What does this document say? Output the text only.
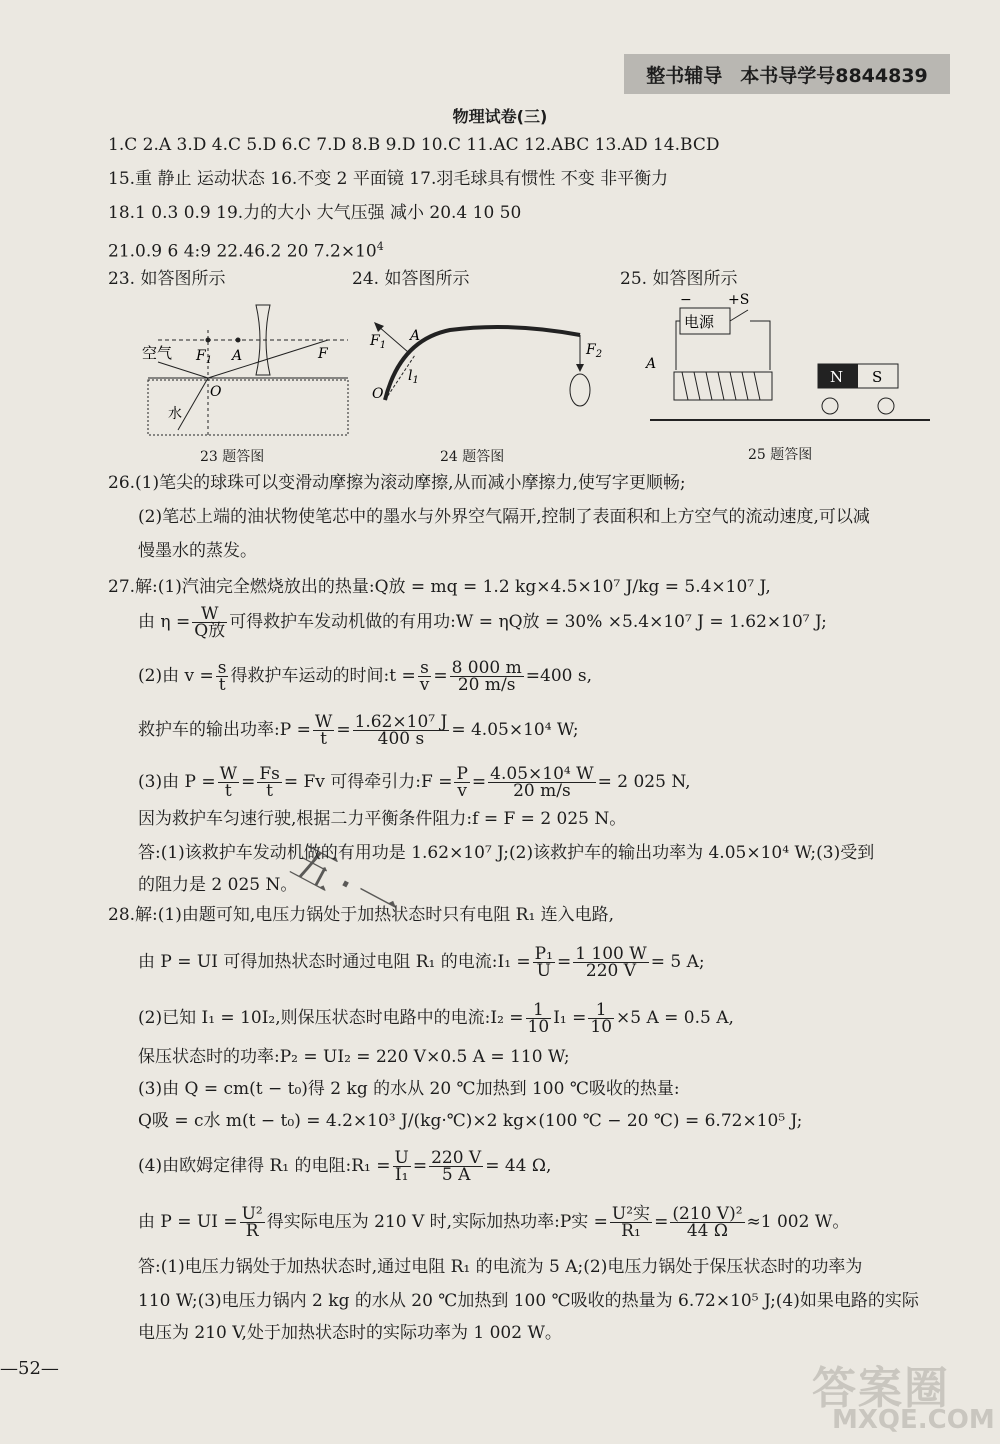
整书辅导 本书导学号8844839
物理试卷(三)
1.C 2.A 3.D 4.C 5.D 6.C 7.D 8.B 9.D 10.C 11.AC 12.ABC 13.AD 14.BCD
15.重 静止 运动状态 16.不变 2 平面镜 17.羽毛球具有惯性 不变 非平衡力
18.1 0.3 0.9 19.力的大小 大气压强 减小 20.4 10 50
21.0.9 6 4:9 22.46.2 20 $7.2\times 10^4$
23. 如答图所示	24. 如答图所示	25. 如答图所示
空气 $F_1$ A	F
O
水
23 题答图
$F_1$
A
$l_1$
O
$F_2$
24 题答图
电源
−	+S
A
N S
25 题答图
26.(1)笔尖的球珠可以变滑动摩擦为滚动摩擦,从而减小摩擦力,使写字更顺畅;
(2)笔芯上端的油状物使笔芯中的墨水与外界空气隔开,控制了表面积和上方空气的流动速度,可以减
慢墨水的蒸发。
27.解:(1)汽油完全燃烧放出的热量:Q放 = mq = 1.2 kg×4.5×10⁷ J/kg = 5.4×10⁷ J,
由 $\eta = \frac{W}{\text{Q放}}$ 可得救护车发动机做的有用功:W = ηQ放 = 30% ×5.4×10⁷ J = 1.62×10⁷ J;
(2)由 $v = \frac{s}{t}$ 得救护车运动的时间:t = $\frac{s}{v} = \frac{8 000 m}{20 m/s} =400$ s,
救护车的输出功率:P = $\frac{W}{t} = \frac{\text{1.62×10⁷ J}}{400 s} = 4.05\times 10^4$ W;
(3)由 $P = \frac{W}{t} = \frac{Fs}{t} = Fv$ 可得牵引力:F = $\frac{P}{v} = \frac{\text{4.05×10⁴ W}}{20 m/s} = 2$ 025 N,
因为救护车匀速行驶,根据二力平衡条件阻力:f = F = 2 025 N。
答:(1)该救护车发动机做的有用功是 1.62×10⁷ J;(2)该救护车的输出功率为 4.05×10⁴ W;(3)受到
的阻力是 2 025 N。
28.解:(1)由题可知,电压力锅处于加热状态时只有电阻 R₁ 连入电路,
由 P = UI 可得加热状态时通过电阻 R₁ 的电流:I₁ = $\frac{\text{P₁}}{U} = \frac{1 100 W}{220 V} = 5$ A;
(2)已知 I₁ = 10I₂,则保压状态时电路中的电流:I₂ = $\frac{1}{10} I_1 = \frac{1}{10} \times 5$ A = 0.5 A,
保压状态时的功率:P₂ = UI₂ = 220 V×0.5 A = 110 W;
(3)由 Q = cm(t − t₀)得 2 kg 的水从 20 ℃加热到 100 ℃吸收的热量:
Q吸 = c水 m(t − t₀) = 4.2×10³ J/(kg·℃)×2 kg×(100 ℃ − 20 ℃) = 6.72×10⁵ J;
(4)由欧姆定律得 R₁ 的电阻:R₁ = $\frac{U}{\text{I₁}} = \frac{220 V}{5 A} = 44$ Ω,
由 P = UI = $\frac{\text{U²}}{R}$ 得实际电压为 210 V 时,实际加热功率:P实 = $\frac{\text{U²实}}{\text{R₁}} = \frac{\text{(210 V)²}}{44 \Omega} \approx 1$ 002 W。
答:(1)电压力锅处于加热状态时,通过电阻 R₁ 的电流为 5 A;(2)电压力锅处于保压状态时的功率为
110 W;(3)电压力锅内 2 kg 的水从 20 ℃加热到 100 ℃吸收的热量为 6.72×10⁵ J;(4)如果电路的实际
电压为 210 V,处于加热状态时的实际功率为 1 002 W。
五·一
—52—	答案圈
MXQE.COM
